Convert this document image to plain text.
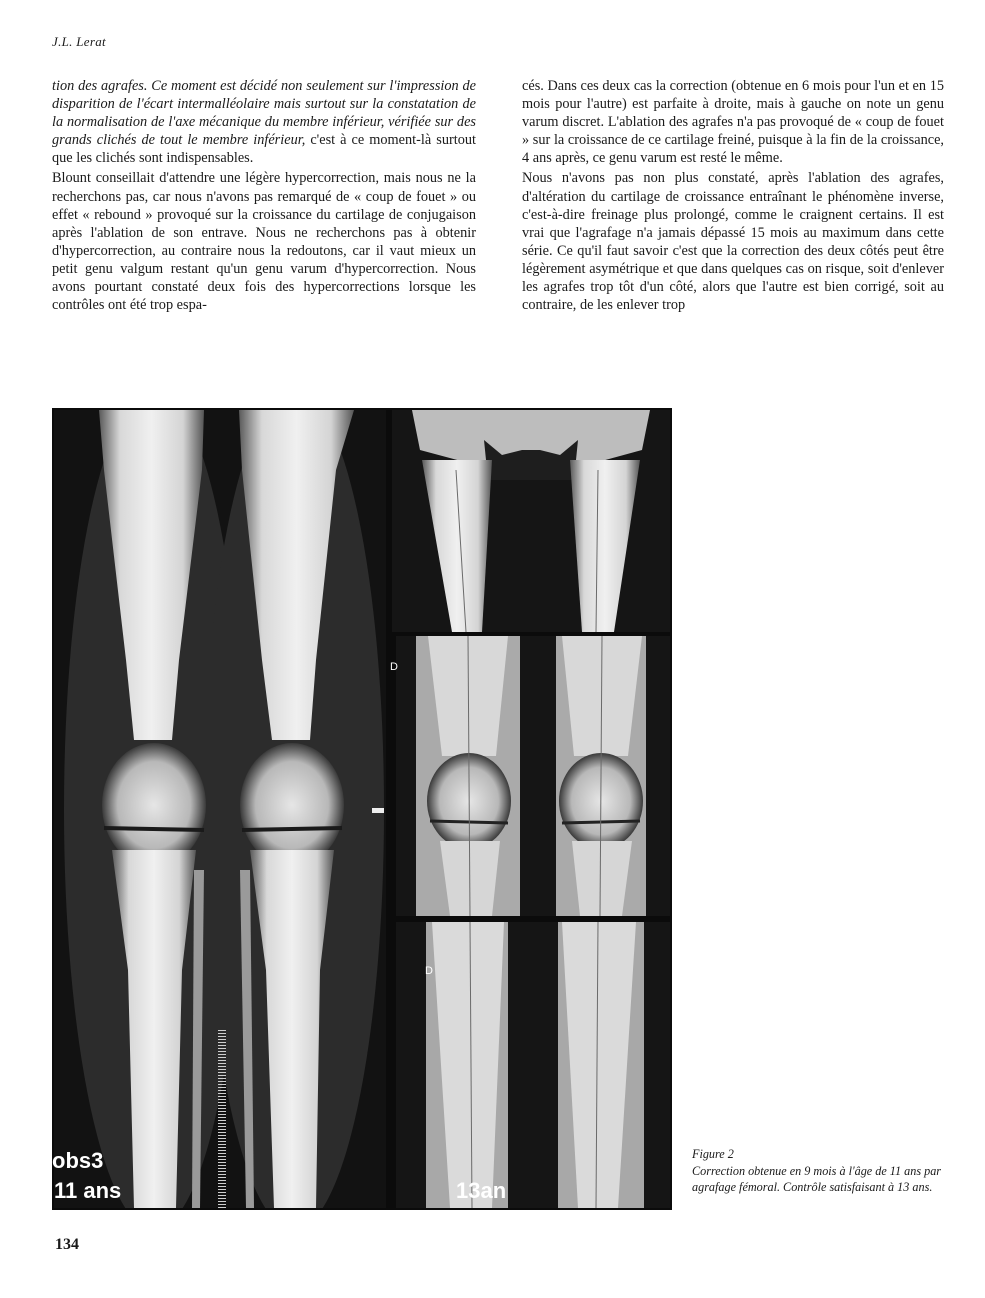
J.L. Lerat

tion des agrafes. Ce moment est décidé non seulement sur l'impression de disparition de l'écart intermalléolaire mais surtout sur la constatation de la normalisation de l'axe mécanique du membre inférieur, vérifiée sur des grands clichés de tout le membre inférieur, c'est à ce moment-là surtout que les clichés sont indispensables.

Blount conseillait d'attendre une légère hypercorrection, mais nous ne la recherchons pas, car nous n'avons pas remarqué de « coup de fouet » ou effet « rebound » provoqué sur la croissance du cartilage de conjugaison après l'ablation de son entrave. Nous ne recherchons pas à obtenir d'hypercorrection, au contraire nous la redoutons, car il vaut mieux un petit genu valgum restant qu'un genu varum d'hypercorrection. Nous avons pourtant constaté deux fois des hypercorrections lorsque les contrôles ont été trop espa-

cés. Dans ces deux cas la correction (obtenue en 6 mois pour l'un et en 15 mois pour l'autre) est parfaite à droite, mais à gauche on note un genu varum discret. L'ablation des agrafes n'a pas provoqué de « coup de fouet » sur la croissance de ce cartilage freiné, puisque à la fin de la croissance, 4 ans après, ce genu varum est resté le même.

Nous n'avons pas non plus constaté, après l'ablation des agrafes, d'altération du cartilage de croissance entraînant le phénomène inverse, c'est-à-dire freinage plus prolongé, comme le craignent certains. Il est vrai que l'agrafage n'a jamais dépassé 15 mois au maximum dans cette série. Ce qu'il faut savoir c'est que la correction des deux côtés peut être légèrement asymétrique et que dans quelques cas on risque, soit d'enlever les agrafes trop tôt d'un côté, alors que l'autre est bien corrigé, soit au contraire, de les enlever trop

obs3
11 ans	13an
D
D
Figure 2
Correction obtenue en 9 mois à l'âge de 11 ans par agrafage fémoral. Contrôle satisfaisant à 13 ans.
134
